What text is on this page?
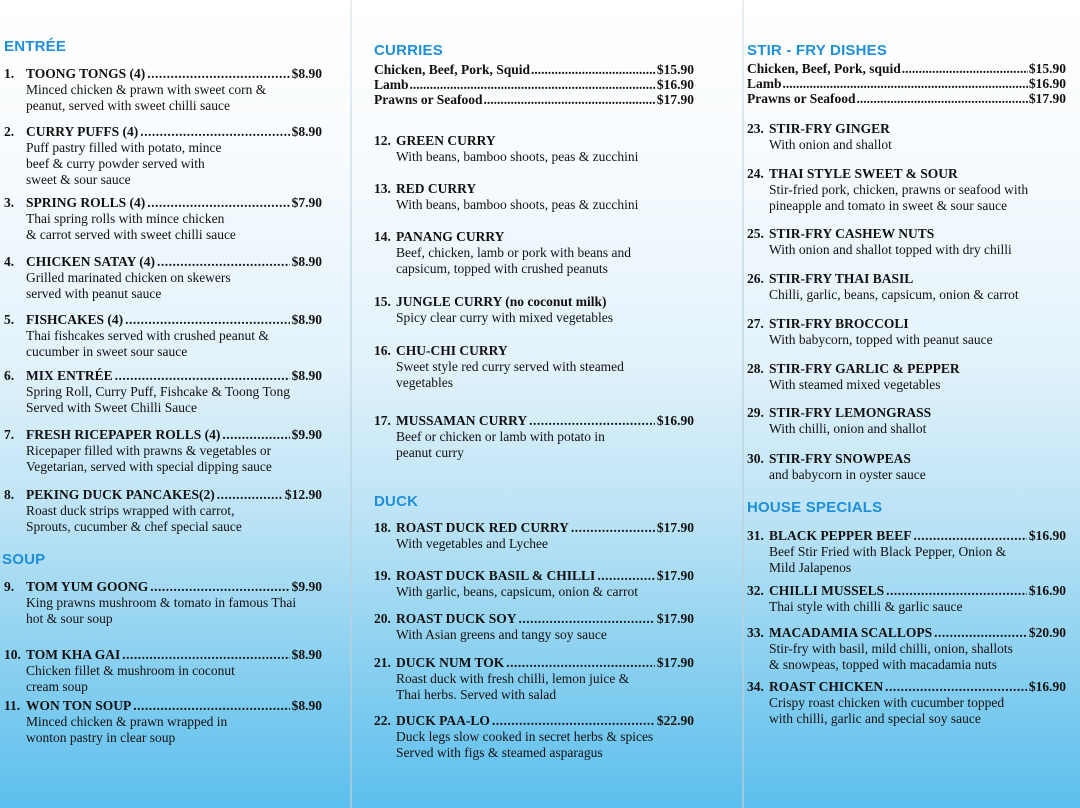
ENTRÉE
SOUP
CURRIES
DUCK
STIR - FRY DISHES
HOUSE SPECIALS
Chicken, Beef, Pork, Squid .....	$15.90
Lamb .....	$16.90
Prawns or Seafood .....	$17.90
Chicken, Beef, Pork, squid .....	$15.90
Lamb .....	$16.90
Prawns or Seafood .....	$17.90
1. TOONG TONGS (4) .....	$8.90
Minced chicken & prawn with sweet corn &
peanut, served with sweet chilli sauce
2. CURRY PUFFS (4) .....	$8.90
Puff pastry filled with potato, mince
beef & curry powder served with
sweet & sour sauce
3. SPRING ROLLS (4) .....	$7.90
Thai spring rolls with mince chicken
& carrot served with sweet chilli sauce
4. CHICKEN SATAY (4) .....	$8.90
Grilled marinated chicken on skewers
served with peanut sauce
5. FISHCAKES (4) .....	$8.90
Thai fishcakes served with crushed peanut &
cucumber in sweet sour sauce
6. MIX ENTRÉE .....	$8.90
Spring Roll, Curry Puff, Fishcake & Toong Tong
Served with Sweet Chilli Sauce
7. FRESH RICEPAPER ROLLS (4) .....	$9.90
Ricepaper filled with prawns & vegetables or
Vegetarian, served with special dipping sauce
8. PEKING DUCK PANCAKES(2) .....	$12.90
Roast duck strips wrapped with carrot,
Sprouts, cucumber & chef special sauce
9. TOM YUM GOONG .....	$9.90
King prawns mushroom & tomato in famous Thai
hot & sour soup
10. TOM KHA GAI .....	$8.90
Chicken fillet & mushroom in coconut
cream soup
11. WON TON SOUP .....	$8.90
Minced chicken & prawn wrapped in
wonton pastry in clear soup
12. GREEN CURRY
With beans, bamboo shoots, peas & zucchini
13. RED CURRY
With beans, bamboo shoots, peas & zucchini
14. PANANG CURRY
Beef, chicken, lamb or pork with beans and
capsicum, topped with crushed peanuts
15. JUNGLE CURRY (no coconut milk)
Spicy clear curry with mixed vegetables
16. CHU-CHI CURRY
Sweet style red curry served with steamed
vegetables
17. MUSSAMAN CURRY .....	$16.90
Beef or chicken or lamb with potato in
peanut curry
18. ROAST DUCK RED CURRY .....	$17.90
With vegetables and Lychee
19. ROAST DUCK BASIL & CHILLI .....	$17.90
With garlic, beans, capsicum, onion & carrot
20. ROAST DUCK SOY .....	$17.90
With Asian greens and tangy soy sauce
21. DUCK NUM TOK .....	$17.90
Roast duck with fresh chilli, lemon juice &
Thai herbs. Served with salad
22. DUCK PAA-LO .....	$22.90
Duck legs slow cooked in secret herbs & spices
Served with figs & steamed asparagus
23. STIR-FRY GINGER
With onion and shallot
24. THAI STYLE SWEET & SOUR
Stir-fried pork, chicken, prawns or seafood with
pineapple and tomato in sweet & sour sauce
25. STIR-FRY CASHEW NUTS
With onion and shallot topped with dry chilli
26. STIR-FRY THAI BASIL
Chilli, garlic, beans, capsicum, onion & carrot
27. STIR-FRY BROCCOLI
With babycorn, topped with peanut sauce
28. STIR-FRY GARLIC & PEPPER
With steamed mixed vegetables
29. STIR-FRY LEMONGRASS
With chilli, onion and shallot
30. STIR-FRY SNOWPEAS
and babycorn in oyster sauce
31. BLACK PEPPER BEEF .....	$16.90
Beef Stir Fried with Black Pepper, Onion &
Mild Jalapenos
32. CHILLI MUSSELS .....	$16.90
Thai style with chilli & garlic sauce
33. MACADAMIA SCALLOPS .....	$20.90
Stir-fry with basil, mild chilli, onion, shallots
& snowpeas, topped with macadamia nuts
34. ROAST CHICKEN .....	$16.90
Crispy roast chicken with cucumber topped
with chilli, garlic and special soy sauce
